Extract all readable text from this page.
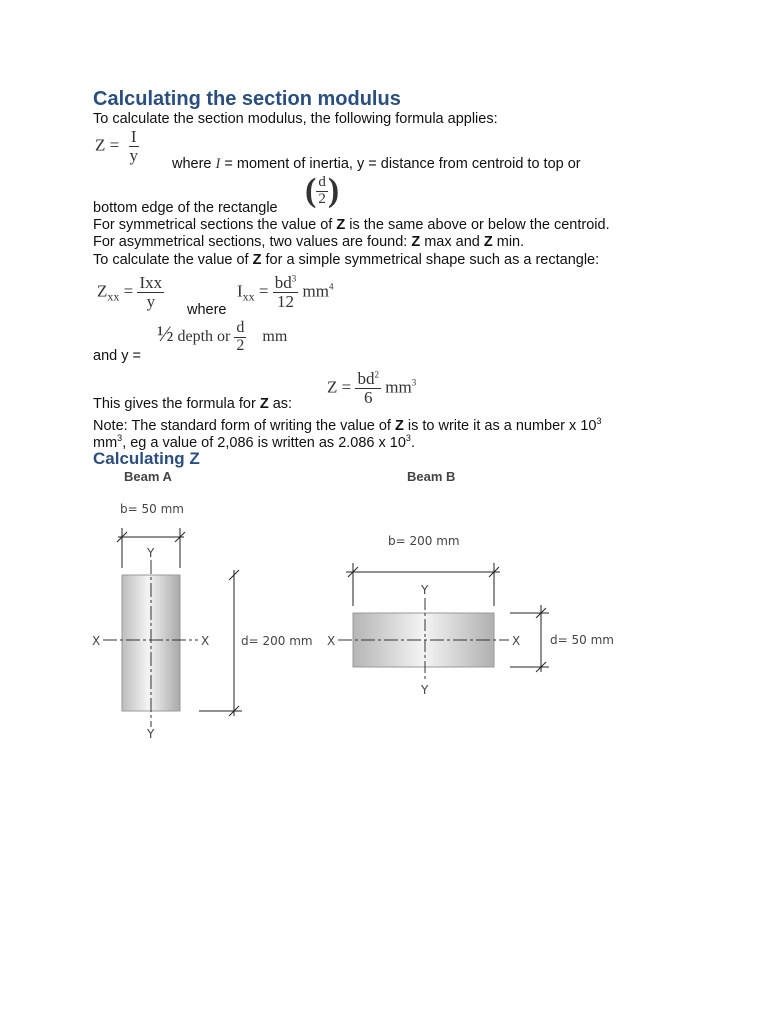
Calculating the section modulus
To calculate the section modulus, the following formula applies:
$Z = \frac{I}{y}$ where I = moment of inertia, y = distance from centroid to top or
( $\frac{d}{2}$ )
bottom edge of the rectangle
For symmetrical sections the value of Z is the same above or below the centroid.
For asymmetrical sections, two values are found: Z max and Z min.
To calculate the value of Z for a simple symmetrical shape such as a rectangle:
$Z_{xx} = \frac{\text{Ixx}}{y}$ where
$I_{xx} = \frac{bd^3}{12} mm^4$
½ depth or $\frac{d}{2}$ mm
and y =
$Z = \frac{bd^2}{6} mm^3$
This gives the formula for Z as:
Note: The standard form of writing the value of Z is to write it as a number x $10^3$
$mm^3$, eg a value of 2,086 is written as 2.086 x $10^3$.
Calculating Z
Beam A	Beam B
b= 50 mm
Y
Y
X	X	d= 200 mm
b= 200 mm
Y
Y
X	X d= 50 mm
